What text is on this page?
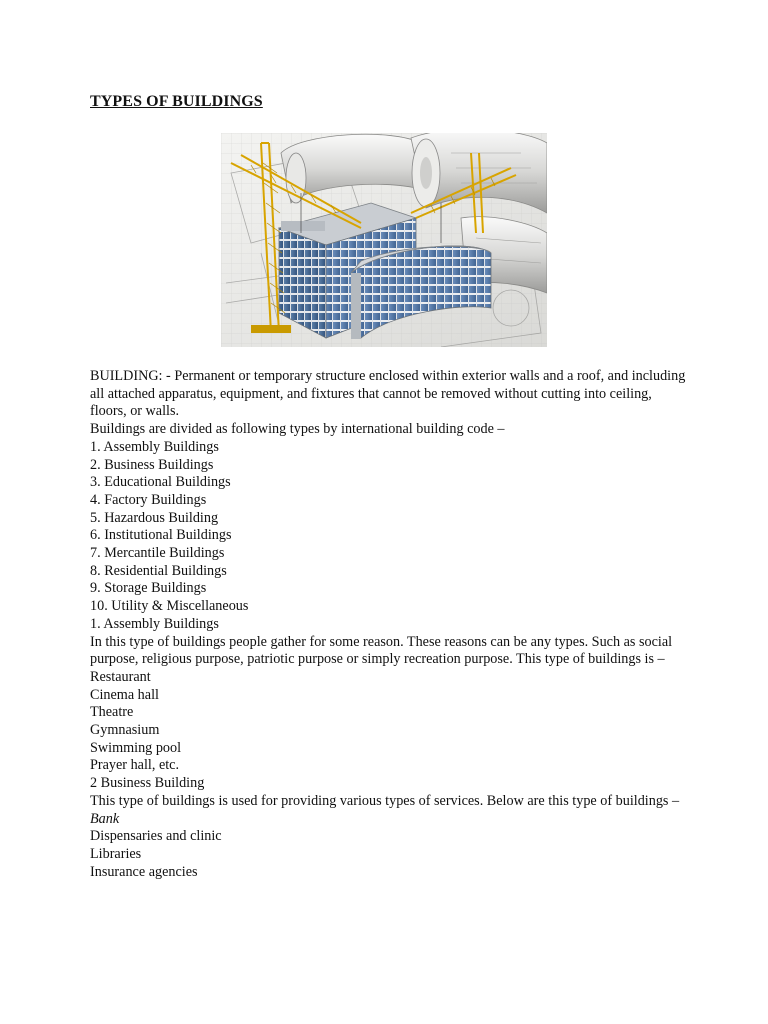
TYPES OF BUILDINGS

BUILDING: - Permanent or temporary structure enclosed within exterior walls and a roof, and including all attached apparatus, equipment, and fixtures that cannot be removed without cutting into ceiling, floors, or walls.

Buildings are divided as following types by international building code –

1. Assembly Buildings

2. Business Buildings

3. Educational Buildings

4. Factory Buildings

5. Hazardous Building

6. Institutional Buildings

7. Mercantile Buildings

8. Residential Buildings

9. Storage Buildings

10. Utility & Miscellaneous

1. Assembly Buildings

In this type of buildings people gather for some reason. These reasons can be any types. Such as social purpose, religious purpose, patriotic purpose or simply recreation purpose. This type of buildings is –

Restaurant

Cinema hall

Theatre

Gymnasium

Swimming pool

Prayer hall, etc.

2 Business Building

This type of buildings is used for providing various types of services. Below are this type of buildings –

Bank

Dispensaries and clinic

Libraries

Insurance agencies
